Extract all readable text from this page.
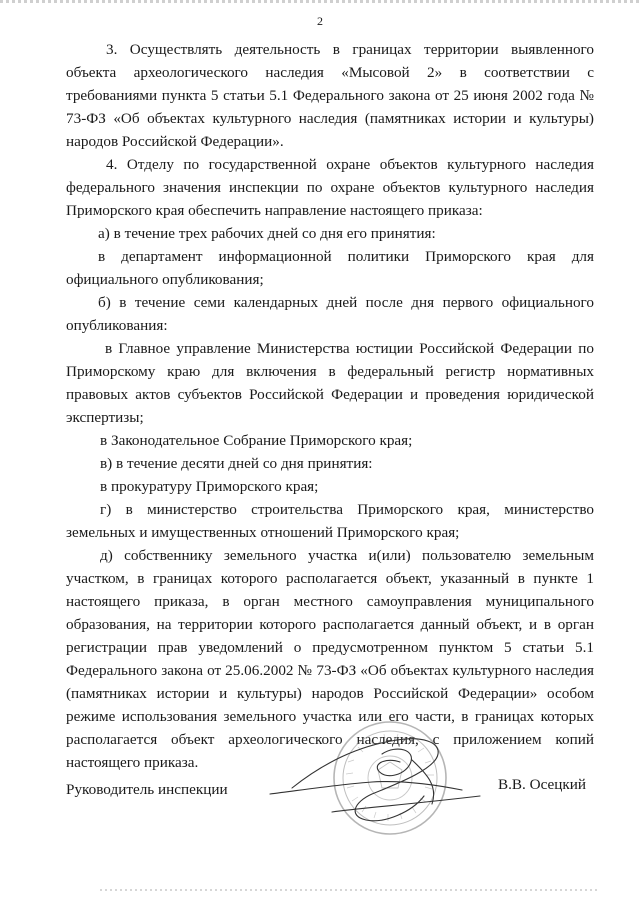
2

3. Осуществлять деятельность в границах территории выявленного объекта археологического наследия «Мысовой 2» в соответствии с требованиями пункта 5 статьи 5.1 Федерального закона от 25 июня 2002 года № 73-ФЗ «Об объектах культурного наследия (памятниках истории и культуры) народов Российской Федерации».

4. Отделу по государственной охране объектов культурного наследия федерального значения инспекции по охране объектов культурного наследия Приморского края обеспечить направление настоящего приказа:

а) в течение трех рабочих дней со дня его принятия:

в департамент информационной политики Приморского края для официального опубликования;

б) в течение семи календарных дней после дня первого официального опубликования:

в Главное управление Министерства юстиции Российской Федерации по Приморскому краю для включения в федеральный регистр нормативных правовых актов субъектов Российской Федерации и проведения юридической экспертизы;

в Законодательное Собрание Приморского края;

в) в течение десяти дней со дня принятия:

в прокуратуру Приморского края;

г) в министерство строительства Приморского края, министерство земельных и имущественных отношений Приморского края;

д) собственнику земельного участка и(или) пользователю земельным участком, в границах которого располагается объект, указанный в пункте 1 настоящего приказа, в орган местного самоуправления муниципального образования, на территории которого располагается данный объект, и в орган регистрации прав уведомлений о предусмотренном пунктом 5 статьи 5.1 Федерального закона от 25.06.2002 № 73-ФЗ «Об объектах культурного наследия (памятниках истории и культуры) народов Российской Федерации» особом режиме использования земельного участка или его части, в границах которых располагается объект археологического наследия, с приложением копий настоящего приказа.

Руководитель инспекции	В.В. Осецкий
